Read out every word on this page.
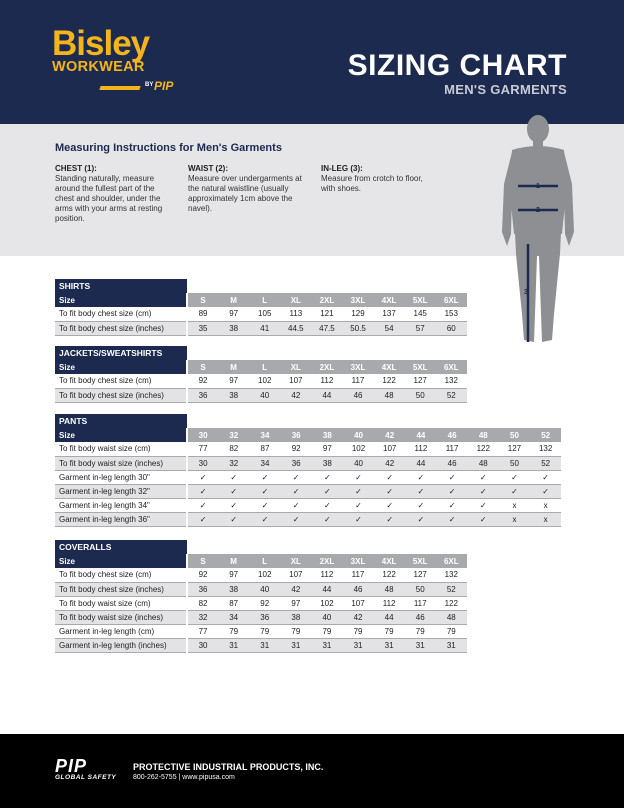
Bisley
WORKWEAR
BY PIP
SIZING CHART
MEN'S GARMENTS
Measuring Instructions for Men's Garments
CHEST (1):
Standing naturally, measure around the fullest part of the chest and shoulder, under the arms with your arms at resting position.
WAIST (2):
Measure over undergarments at the natural waistline (usually approximately 1cm above the navel).
IN-LEG (3):
Measure from crotch to floor, with shoes.	1
2
3
SHIRTS
Size	S	M	L	XL	2XL	3XL	4XL	5XL	6XL
To fit body chest size (cm)	89	97	105	113	121	129	137	145	153
To fit body chest size (inches)	35	38	41	44.5	47.5	50.5	54	57	60
JACKETS/SWEATSHIRTS
Size	S	M	L	XL	2XL	3XL	4XL	5XL	6XL
To fit body chest size (cm)	92	97	102	107	112	117	122	127	132
To fit body chest size (inches)	36	38	40	42	44	46	48	50	52
PANTS
Size	30	32	34	36	38	40	42	44	46	48	50	52
To fit body waist size (cm)	77	82	87	92	97	102	107	112	117	122	127	132
To fit body waist size (inches)	30	32	34	36	38	40	42	44	46	48	50	52
Garment in-leg length 30"	✓	✓	✓	✓	✓	✓	✓	✓	✓	✓	✓	✓
Garment in-leg length 32"	✓	✓	✓	✓	✓	✓	✓	✓	✓	✓	✓	✓
Garment in-leg length 34"	✓	✓	✓	✓	✓	✓	✓	✓	✓	✓	x	x
Garment in-leg length 36"	✓	✓	✓	✓	✓	✓	✓	✓	✓	✓	x	x
COVERALLS
Size	S	M	L	XL	2XL	3XL	4XL	5XL	6XL
To fit body chest size (cm)	92	97	102	107	112	117	122	127	132
To fit body chest size (inches)	36	38	40	42	44	46	48	50	52
To fit body waist size (cm)	82	87	92	97	102	107	112	117	122
To fit body waist size (inches)	32	34	36	38	40	42	44	46	48
Garment in-leg length (cm)	77	79	79	79	79	79	79	79	79
Garment in-leg length (inches)	30	31	31	31	31	31	31	31	31
PIP
GLOBAL SAFETY
PROTECTIVE INDUSTRIAL PRODUCTS, INC.
800-262-5755 | www.pipusa.com
